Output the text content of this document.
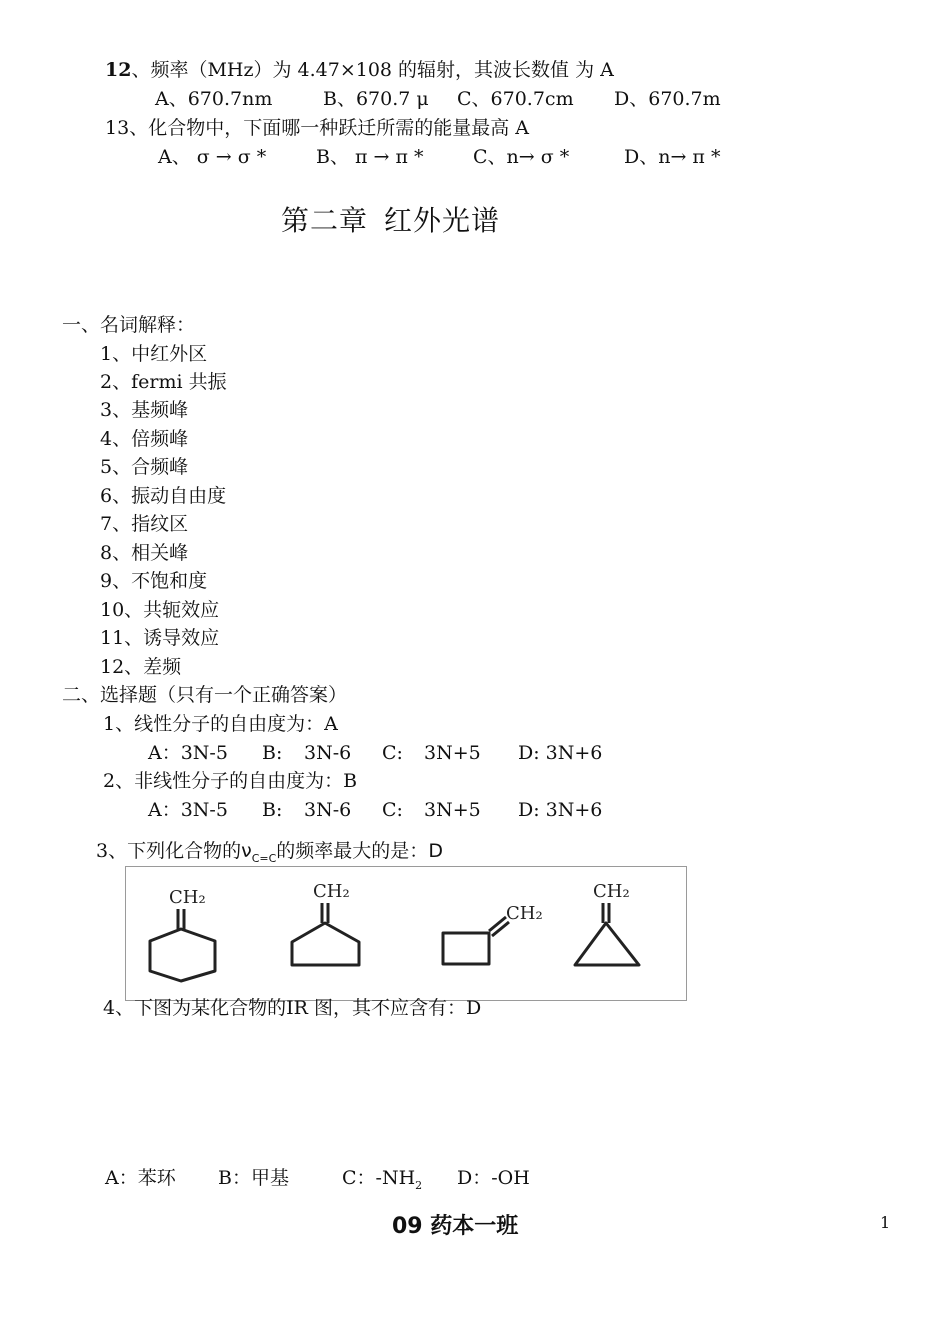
12、频率（MHz）为 4.47×108 的辐射，其波长数值 为 A
A、670.7nm	B、670.7 μ C、670.7cm D、670.7m
13、化合物中，下面哪一种跃迁所需的能量最高 A
A、 σ → σ *	B、 π → π *	C、n→ σ *	D、n→ π *
第二章 红外光谱
一、名词解释：
1、中红外区
2、fermi 共振
3、基频峰
4、倍频峰
5、合频峰
6、振动自由度
7、指纹区
8、相关峰
9、不饱和度
10、共轭效应
11、诱导效应
12、差频
二、选择题（只有一个正确答案）
1、线性分子的自由度为：A
A：3N-5 B: 3N-6 C: 3N+5 D: 3N+6
2、非线性分子的自由度为：B
A：3N-5 B: 3N-6 C: 3N+5 D: 3N+6
3、下列化合物的$\nu_{C=C}$的频率最大的是：D
CH₂	CH₂
CH₂
CH₂
4、下图为某化合物的IR 图，其不应含有：D
A：苯环 B：甲基	C：$-NH_2$ D：-OH
09 药本一班	1
